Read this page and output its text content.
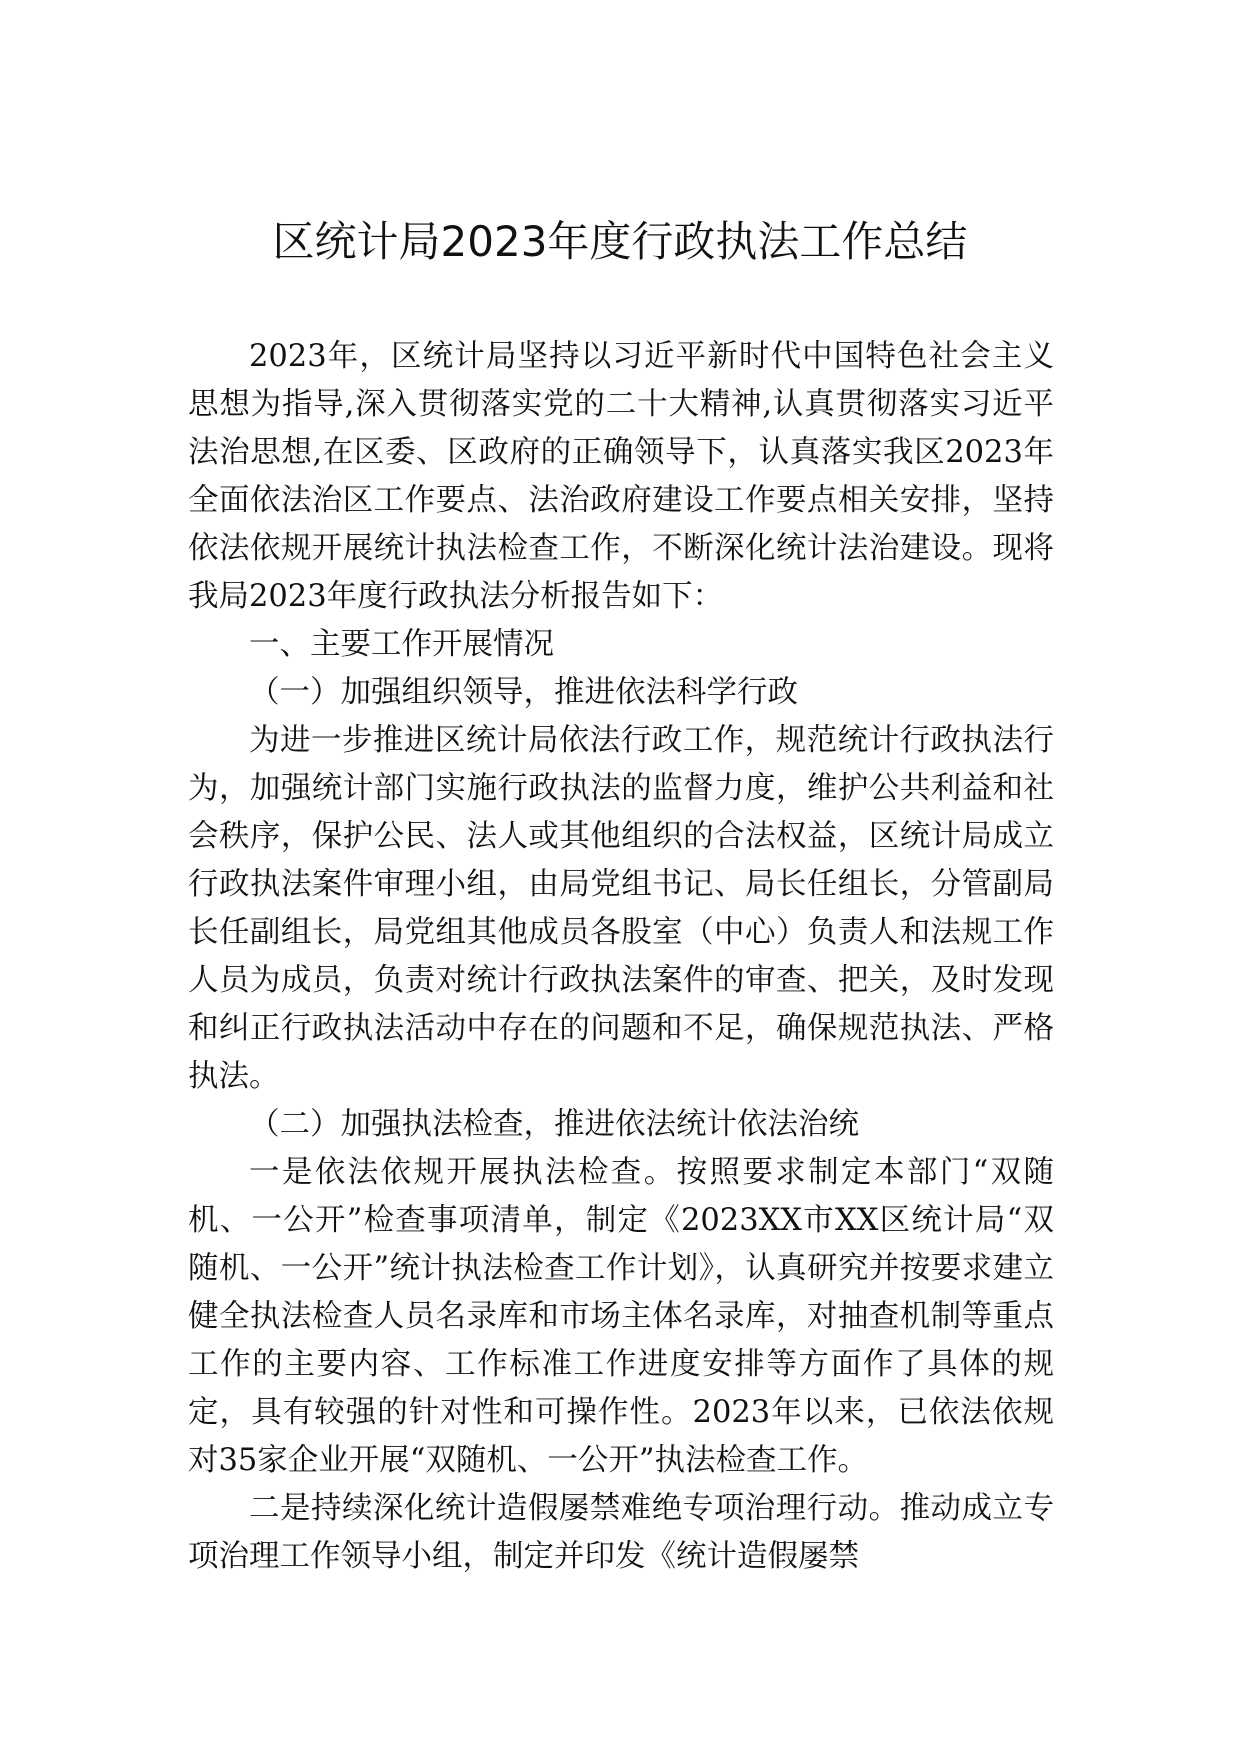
区统计局2023年度行政执法工作总结

2023年，区统计局坚持以习近平新时代中国特色社会主义思想为指导,深入贯彻落实党的二十大精神,认真贯彻落实习近平法治思想,在区委、区政府的正确领导下，认真落实我区2023年全面依法治区工作要点、法治政府建设工作要点相关安排，坚持依法依规开展统计执法检查工作，不断深化统计法治建设。现将我局2023年度行政执法分析报告如下：

一、主要工作开展情况

（一）加强组织领导，推进依法科学行政

为进一步推进区统计局依法行政工作，规范统计行政执法行为，加强统计部门实施行政执法的监督力度，维护公共利益和社会秩序，保护公民、法人或其他组织的合法权益，区统计局成立行政执法案件审理小组，由局党组书记、局长任组长，分管副局长任副组长，局党组其他成员各股室（中心）负责人和法规工作人员为成员，负责对统计行政执法案件的审查、把关，及时发现和纠正行政执法活动中存在的问题和不足，确保规范执法、严格执法。

（二）加强执法检查，推进依法统计依法治统

一是依法依规开展执法检查。按照要求制定本部门“双随机、一公开”检查事项清单，制定《2023XX市XX区统计局“双随机、一公开”统计执法检查工作计划》，认真研究并按要求建立健全执法检查人员名录库和市场主体名录库，对抽查机制等重点工作的主要内容、工作标准工作进度安排等方面作了具体的规定，具有较强的针对性和可操作性。2023年以来，已依法依规对35家企业开展“双随机、一公开”执法检查工作。

二是持续深化统计造假屡禁难绝专项治理行动。推动成立专项治理工作领导小组，制定并印发《统计造假屡禁
